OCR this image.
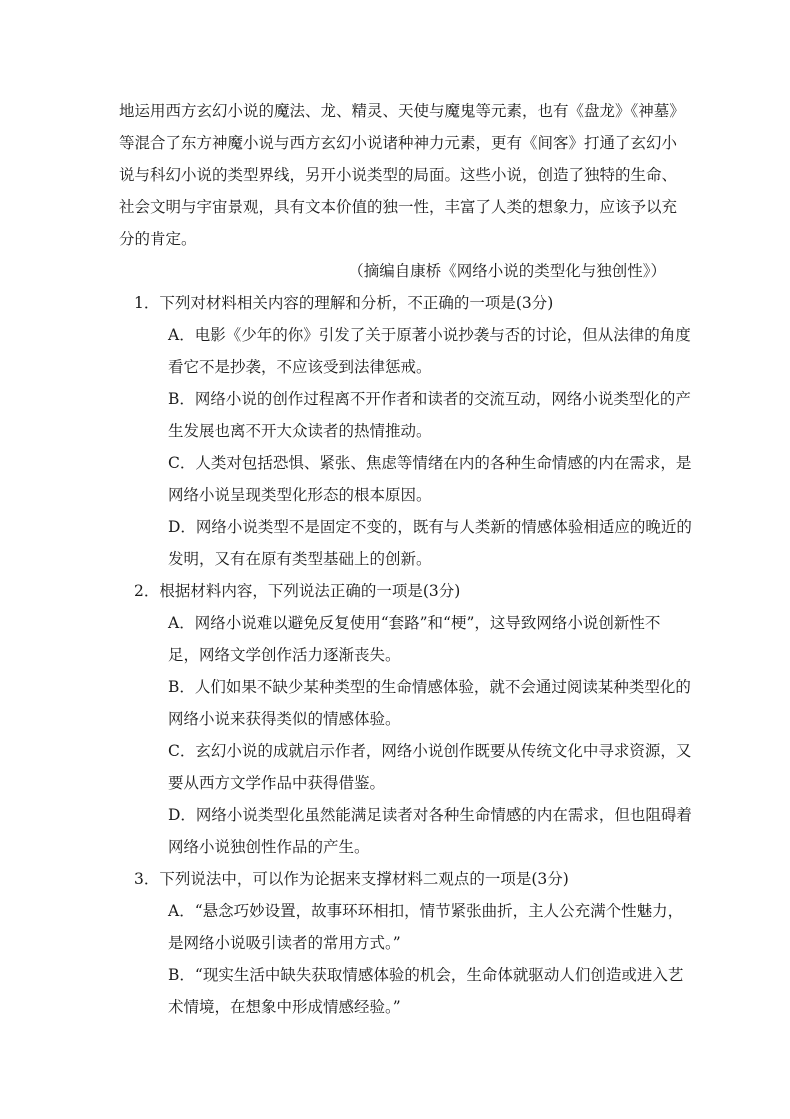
地运用西方玄幻小说的魔法、龙、精灵、天使与魔鬼等元素，也有《盘龙》《神墓》
等混合了东方神魔小说与西方玄幻小说诸种神力元素，更有《间客》打通了玄幻小
说与科幻小说的类型界线，另开小说类型的局面。这些小说，创造了独特的生命、
社会文明与宇宙景观，具有文本价值的独一性，丰富了人类的想象力，应该予以充
分的肯定。
（摘编自康桥《网络小说的类型化与独创性》）
1．下列对材料相关内容的理解和分析，不正确的一项是(3分)
A．电影《少年的你》引发了关于原著小说抄袭与否的讨论，但从法律的角度
看它不是抄袭，不应该受到法律惩戒。
B．网络小说的创作过程离不开作者和读者的交流互动，网络小说类型化的产
生发展也离不开大众读者的热情推动。
C．人类对包括恐惧、紧张、焦虑等情绪在内的各种生命情感的内在需求，是
网络小说呈现类型化形态的根本原因。
D．网络小说类型不是固定不变的，既有与人类新的情感体验相适应的晚近的
发明，又有在原有类型基础上的创新。
2．根据材料内容，下列说法正确的一项是(3分)
A．网络小说难以避免反复使用“套路”和“梗”，这导致网络小说创新性不
足，网络文学创作活力逐渐丧失。
B．人们如果不缺少某种类型的生命情感体验，就不会通过阅读某种类型化的
网络小说来获得类似的情感体验。
C．玄幻小说的成就启示作者，网络小说创作既要从传统文化中寻求资源，又
要从西方文学作品中获得借鉴。
D．网络小说类型化虽然能满足读者对各种生命情感的内在需求，但也阻碍着
网络小说独创性作品的产生。
3．下列说法中，可以作为论据来支撑材料二观点的一项是(3分)
A．“悬念巧妙设置，故事环环相扣，情节紧张曲折，主人公充满个性魅力，
是网络小说吸引读者的常用方式。”
B．“现实生活中缺失获取情感体验的机会，生命体就驱动人们创造或进入艺
术情境，在想象中形成情感经验。”
